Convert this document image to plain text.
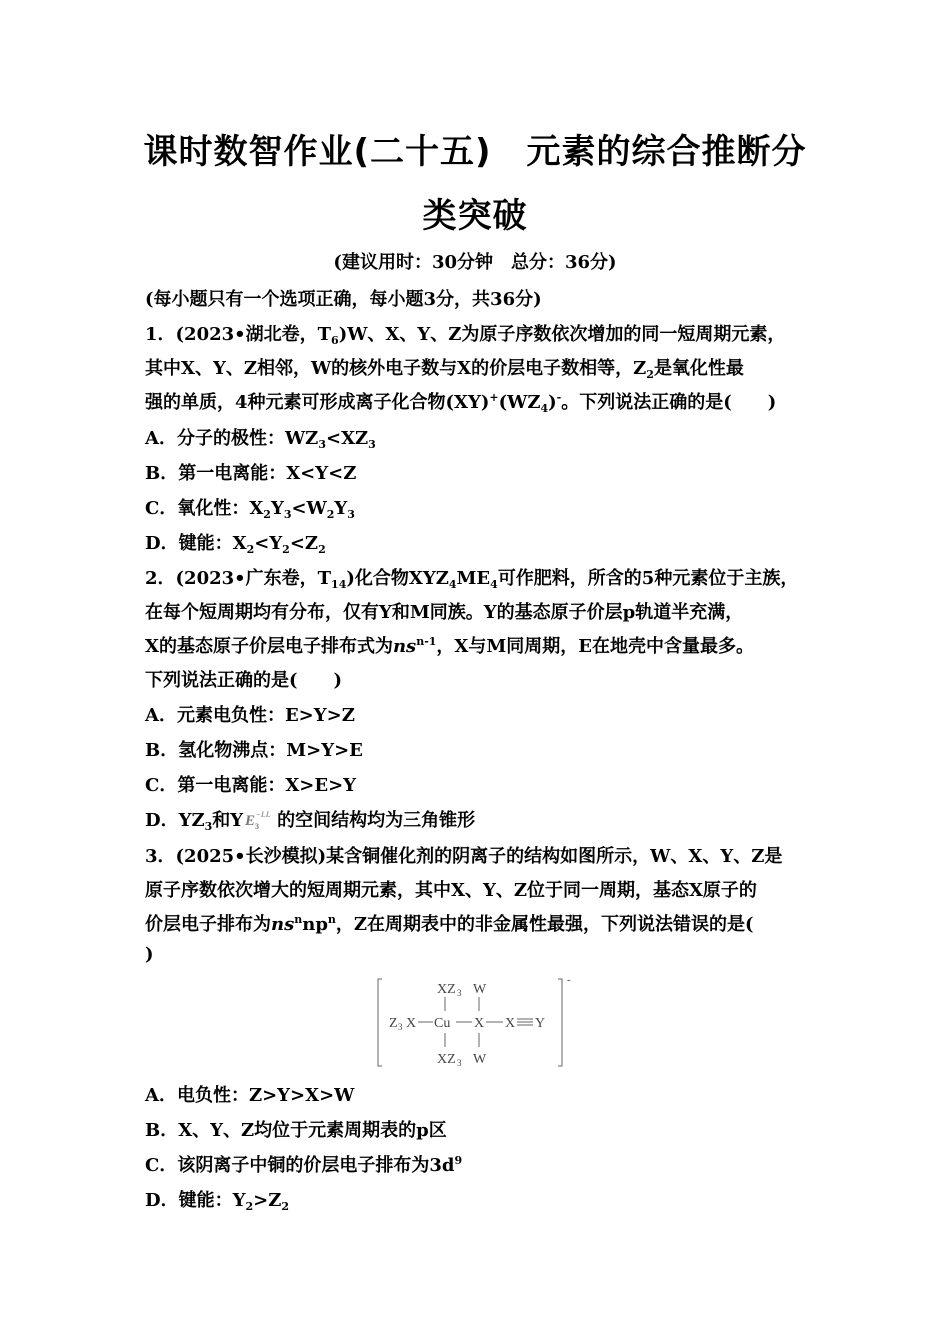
课时数智作业(二十五)　元素的综合推断分
类突破
(建议用时：30分钟　总分：36分)
(每小题只有一个选项正确，每小题3分，共36分)
1．(2023•湖北卷，$T_6)W$、X、Y、Z为原子序数依次增加的同一短周期元素，
其中X、Y、Z相邻，W的核外电子数与X的价层电子数相等，$Z_2$是氧化性最
强的单质，4种元素可形成离子化合物$(XY)^+(WZ_4)^-$。下列说法正确的是(　　)
A．分子的极性：$WZ_3<XZ_3$
B．第一电离能：X<Y<Z
C．氧化性：$X_2Y_3<W_2Y_3$
D．键能：$X_2<Y_2<Z_2$
2．(2023•广东卷，$T_{14}$)化合物$XYZ_4ME_4$可作肥料，所含的5种元素位于主族，
在每个短周期均有分布，仅有Y和M同族。Y的基态原子价层p轨道半充满，
X的基态原子价层电子排布式为$ns^{n-1}$，X与M同周期，E在地壳中含量最多。
下列说法正确的是(　　)
A．元素电负性：E>Y>Z
B．氢化物沸点：M>Y>E
C．第一电离能：X>E>Y
D．$YZ_3$和Y E 3
−LL 的空间结构均为三角锥形
3．(2025•长沙模拟)某含铜催化剂的阴离子的结构如图所示，W、X、Y、Z是
原子序数依次增大的短周期元素，其中X、Y、Z位于同一周期，基态X原子的
价层电子排布为$ns^nnp^n$，Z在周期表中的非金属性最强，下列说法错误的是(
)
-
XZ 3 W
Z 3 X Cu X X Y
XZ 3 W
A．电负性：Z>Y>X>W
B．X、Y、Z均位于元素周期表的p区
C．该阴离子中铜的价层电子排布为$3d^9$
D．键能：$Y_2>Z_2$
